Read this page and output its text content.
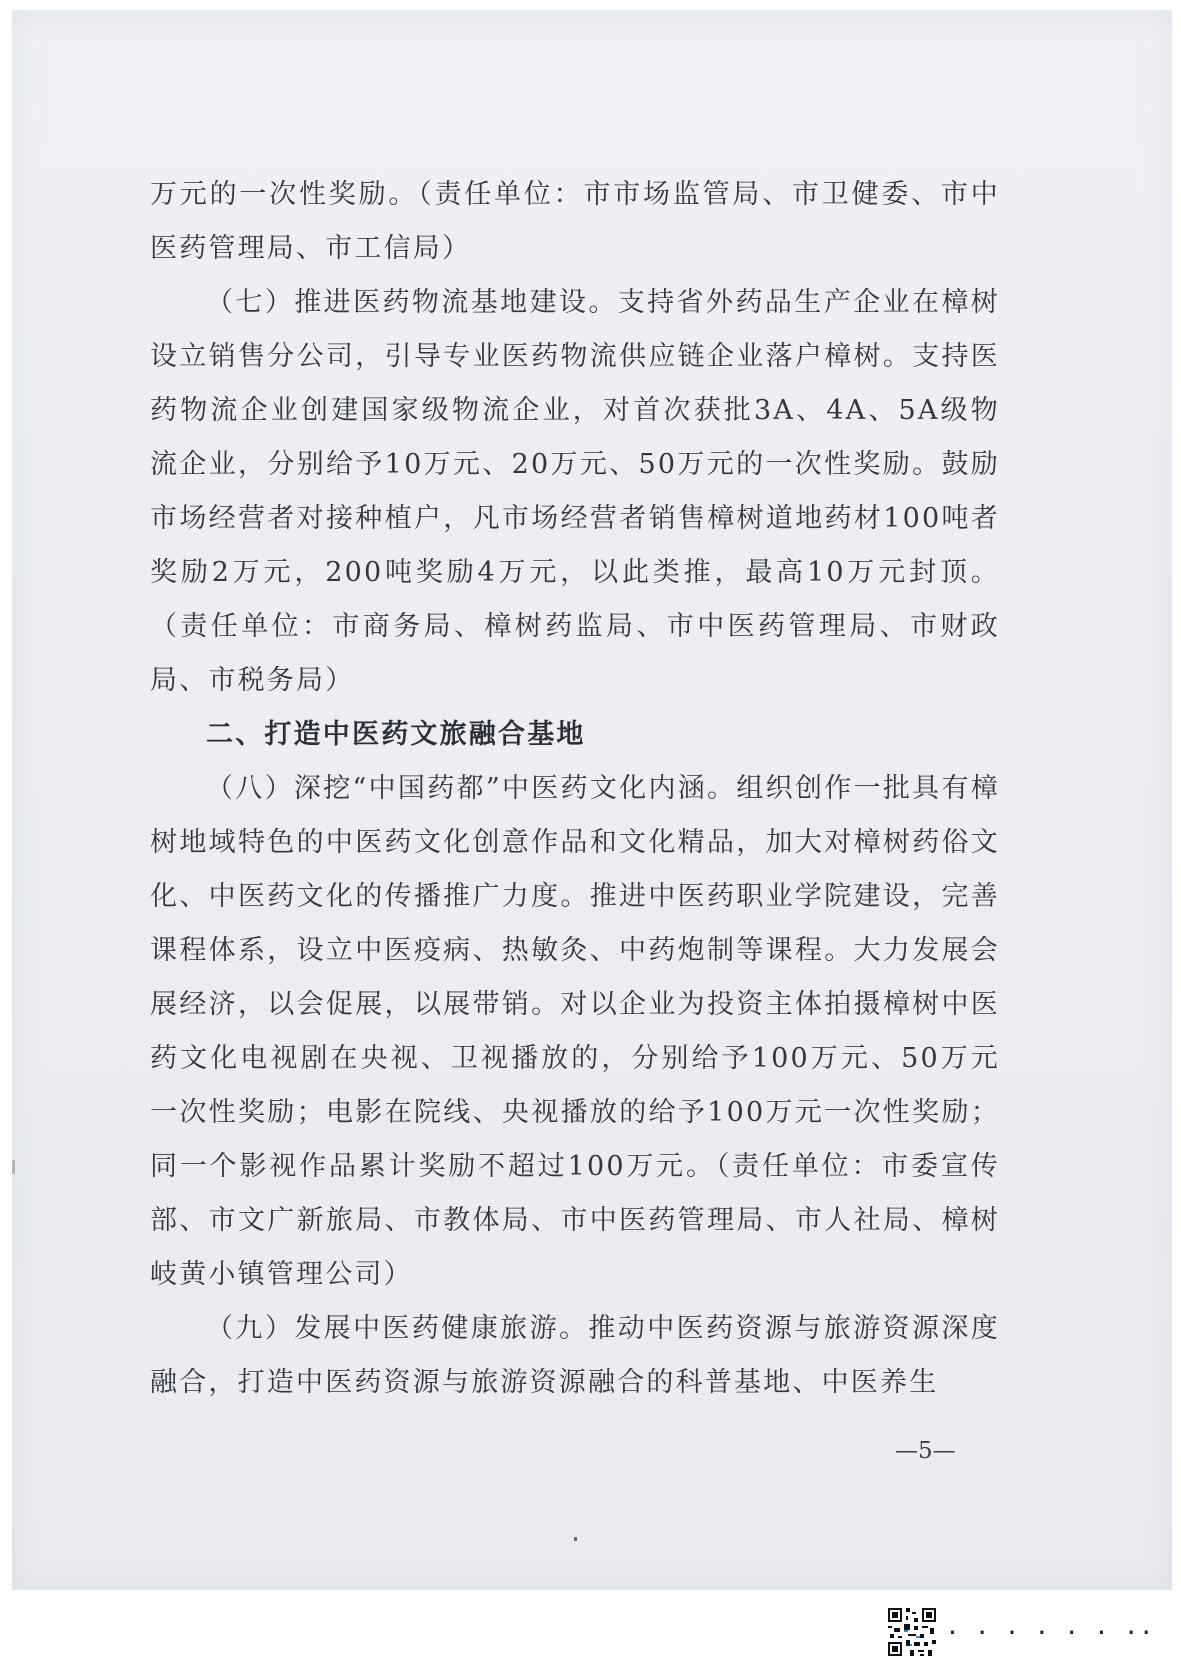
万元的一次性奖励。（责任单位：市市场监管局、市卫健委、市中医药管理局、市工信局）

（七）推进医药物流基地建设。支持省外药品生产企业在樟树设立销售分公司，引导专业医药物流供应链企业落户樟树。支持医药物流企业创建国家级物流企业，对首次获批3A、4A、5A级物流企业，分别给予10万元、20万元、50万元的一次性奖励。鼓励市场经营者对接种植户，凡市场经营者销售樟树道地药材100吨者奖励2万元，200吨奖励4万元，以此类推，最高10万元封顶。（责任单位：市商务局、樟树药监局、市中医药管理局、市财政局、市税务局）

二、打造中医药文旅融合基地

（八）深挖“中国药都”中医药文化内涵。组织创作一批具有樟树地域特色的中医药文化创意作品和文化精品，加大对樟树药俗文化、中医药文化的传播推广力度。推进中医药职业学院建设，完善课程体系，设立中医疫病、热敏灸、中药炮制等课程。大力发展会展经济，以会促展，以展带销。对以企业为投资主体拍摄樟树中医药文化电视剧在央视、卫视播放的，分别给予100万元、50万元一次性奖励；电影在院线、央视播放的给予100万元一次性奖励；同一个影视作品累计奖励不超过100万元。（责任单位：市委宣传部、市文广新旅局、市教体局、市中医药管理局、市人社局、樟树岐黄小镇管理公司）

（九）发展中医药健康旅游。推动中医药资源与旅游资源深度融合，打造中医药资源与旅游资源融合的科普基地、中医养生

—5—
· · · · · · ··
